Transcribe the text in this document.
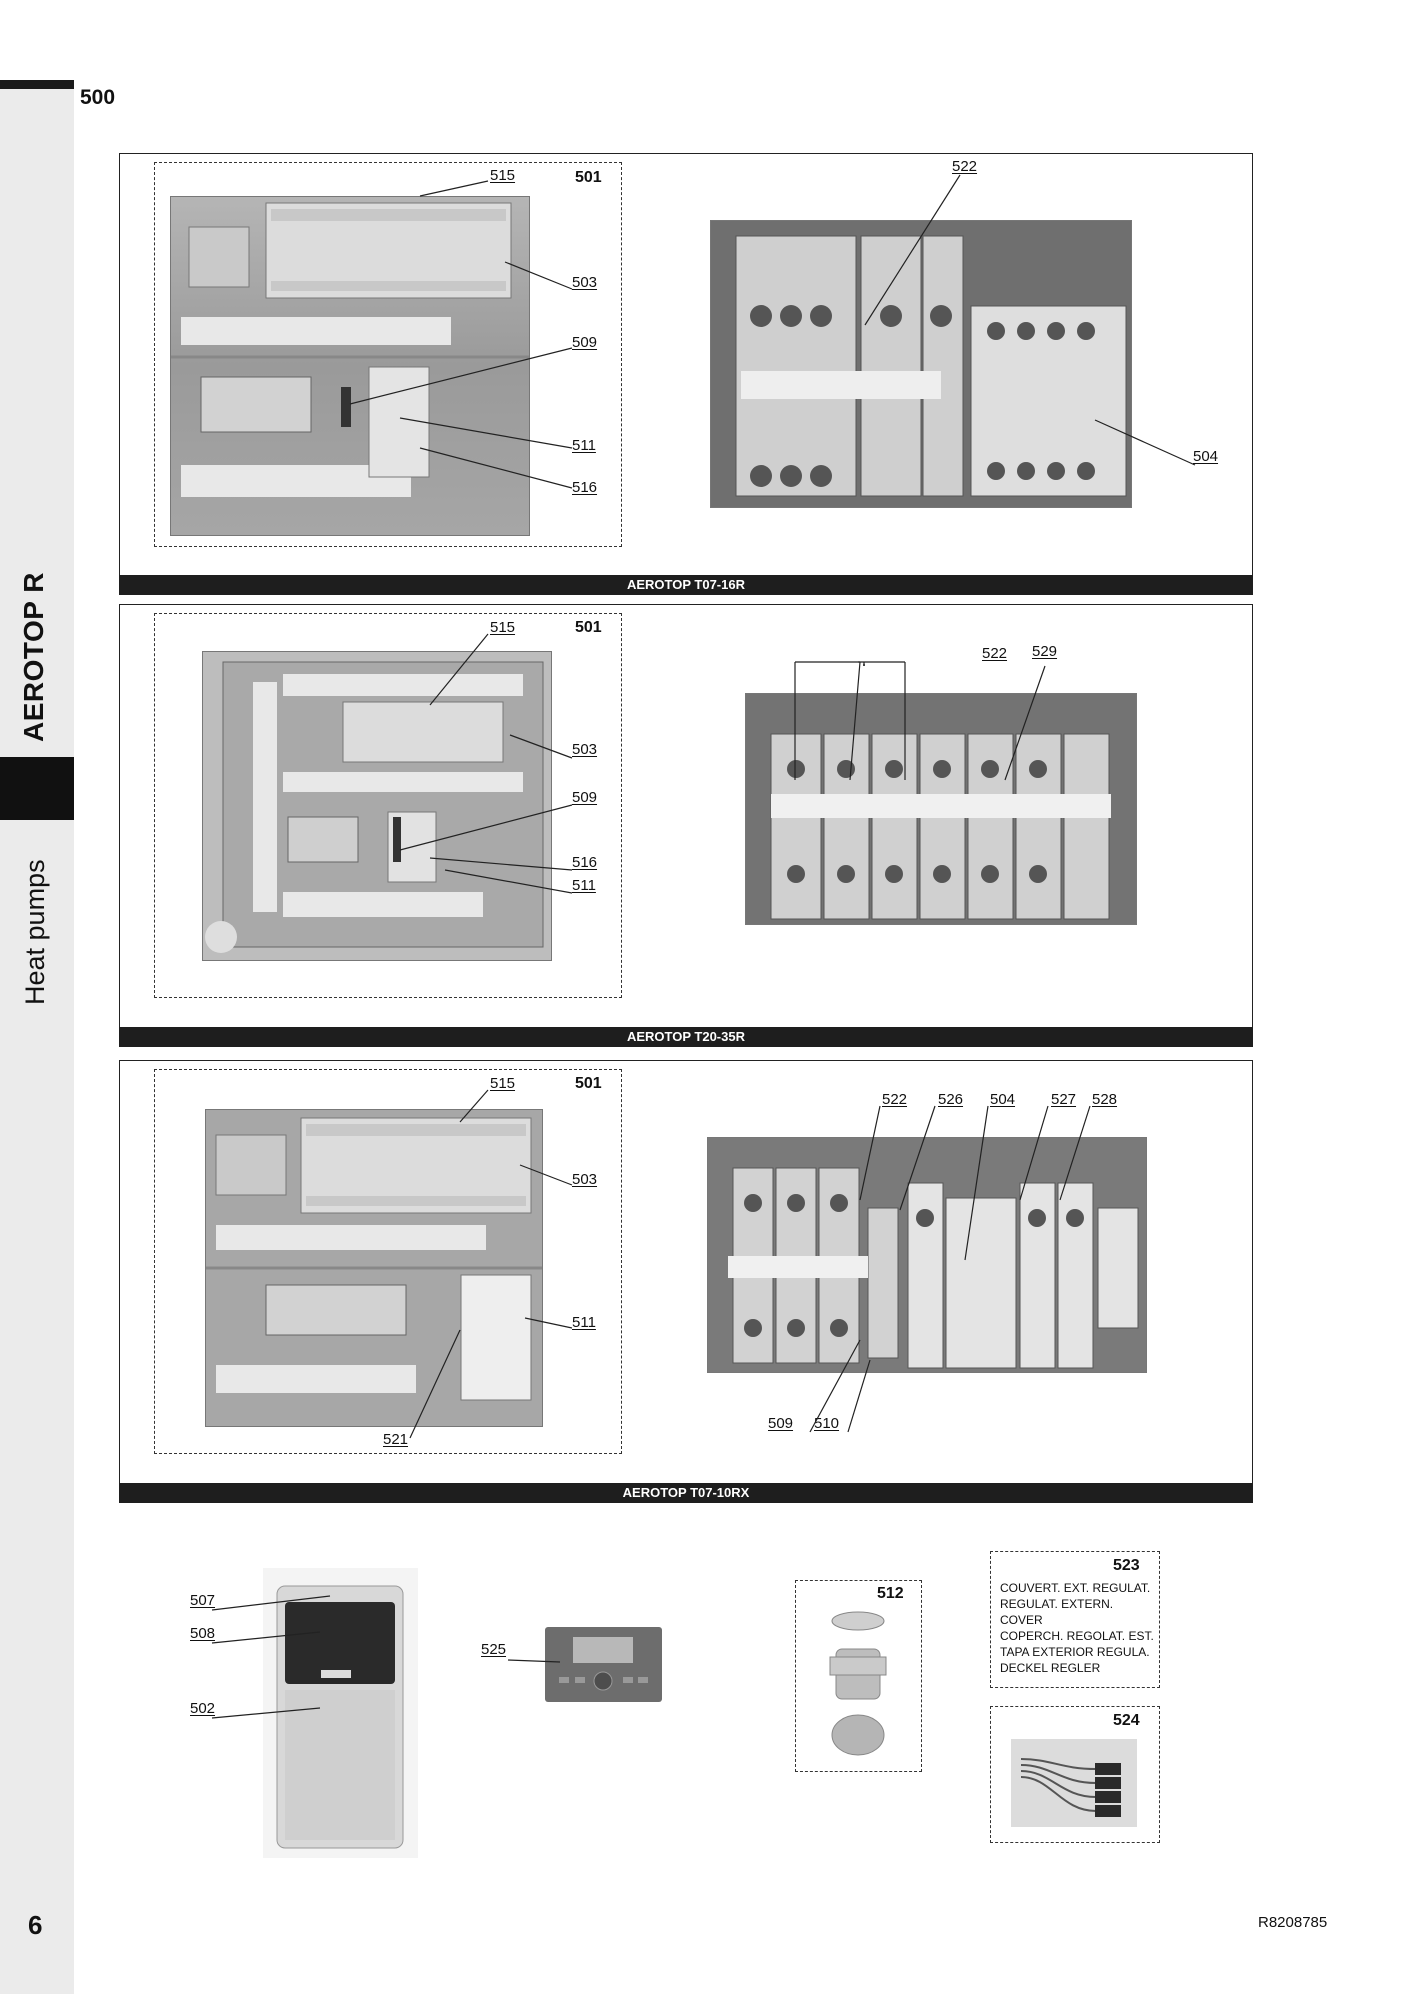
AEROTOP R
Heat pumps
500
515	501
503
509
511
516
522
504
AEROTOP T07-16R
515	501
503
509
516
511
522 529
AEROTOP T20-35R
515	501
503
511
521
522 526 504 527 528
509 510
AEROTOP T07-10RX
507
508
502
525
512
523
COUVERT. EXT. REGULAT.
REGULAT. EXTERN. COVER
COPERCH. REGOLAT. EST.
TAPA EXTERIOR REGULA.
DECKEL REGLER
524
6	R8208785
